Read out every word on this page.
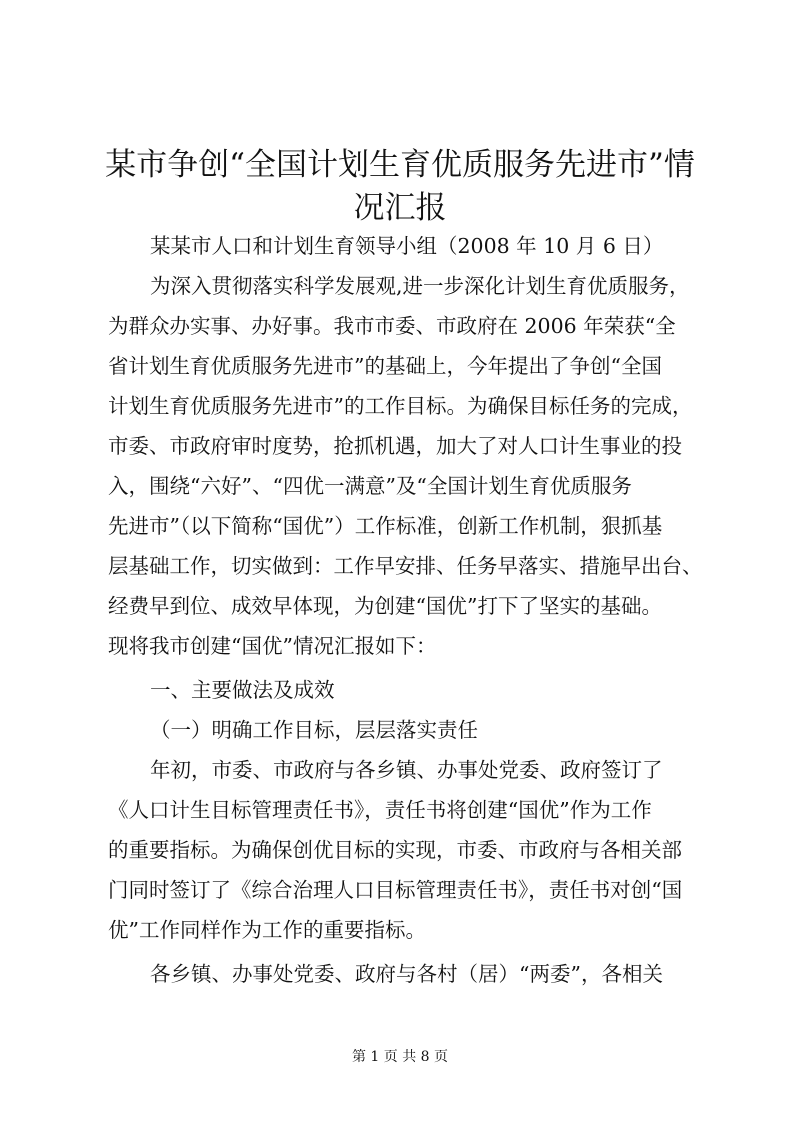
某市争创“全国计划生育优质服务先进市”情
况汇报

某某市人口和计划生育领导小组（2008 年 10 月 6 日）

为深入贯彻落实科学发展观,进一步深化计划生育优质服务，

为群众办实事、办好事。我市市委、市政府在 2006 年荣获“全

省计划生育优质服务先进市”的基础上，今年提出了争创“全国

计划生育优质服务先进市”的工作目标。为确保目标任务的完成，

市委、市政府审时度势，抢抓机遇，加大了对人口计生事业的投

入，围绕“六好”、“四优一满意”及“全国计划生育优质服务

先进市”（以下简称“国优”）工作标准，创新工作机制，狠抓基

层基础工作，切实做到：工作早安排、任务早落实、措施早出台、

经费早到位、成效早体现，为创建“国优”打下了坚实的基础。

现将我市创建“国优”情况汇报如下：

一、主要做法及成效

（一）明确工作目标，层层落实责任

年初，市委、市政府与各乡镇、办事处党委、政府签订了

《人口计生目标管理责任书》，责任书将创建“国优”作为工作

的重要指标。为确保创优目标的实现，市委、市政府与各相关部

门同时签订了《综合治理人口目标管理责任书》，责任书对创“国

优”工作同样作为工作的重要指标。

各乡镇、办事处党委、政府与各村（居）“两委”，各相关

第 1 页 共 8 页
